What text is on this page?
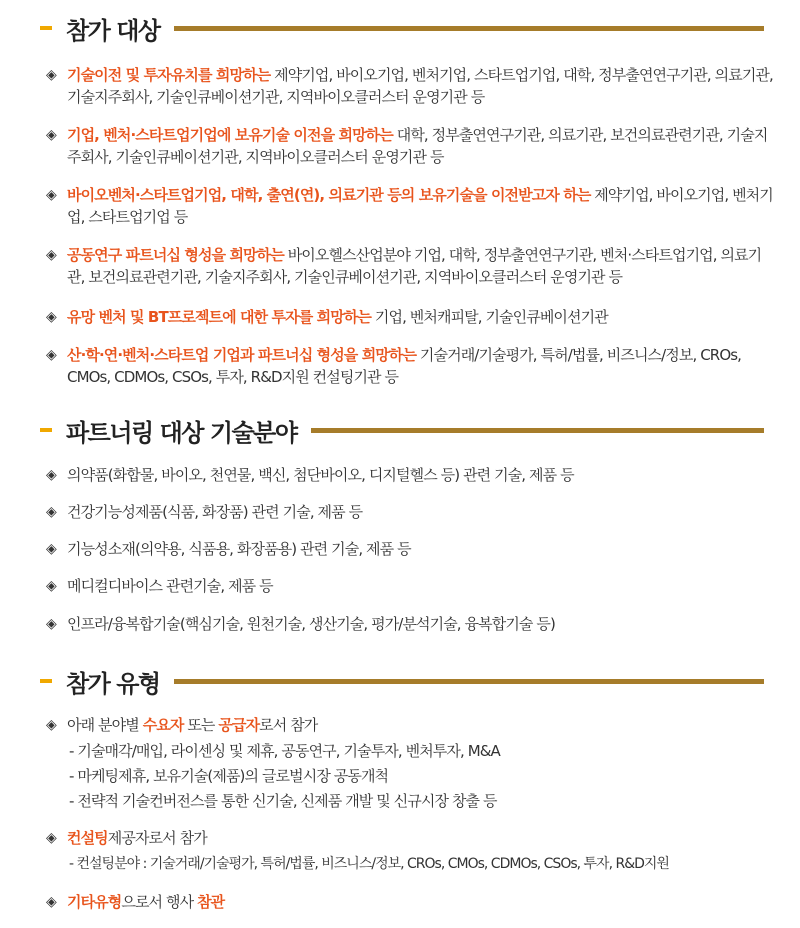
참가 대상
◈ 기술이전 및 투자유치를 희망하는 제약기업, 바이오기업, 벤처기업, 스타트업기업, 대학, 정부출연연구기관, 의료기관, 기술지주회사, 기술인큐베이션기관, 지역바이오클러스터 운영기관 등
◈ 기업, 벤처·스타트업기업에 보유기술 이전을 희망하는 대학, 정부출연연구기관, 의료기관, 보건의료관련기관, 기술지주회사, 기술인큐베이션기관, 지역바이오클러스터 운영기관 등
◈ 바이오벤처·스타트업기업, 대학, 출연(연), 의료기관 등의 보유기술을 이전받고자 하는 제약기업, 바이오기업, 벤처기업, 스타트업기업 등
◈ 공동연구 파트너십 형성을 희망하는 바이오헬스산업분야 기업, 대학, 정부출연연구기관, 벤처·스타트업기업, 의료기관, 보건의료관련기관, 기술지주회사, 기술인큐베이션기관, 지역바이오클러스터 운영기관 등
◈ 유망 벤처 및 BT프로젝트에 대한 투자를 희망하는 기업, 벤처캐피탈, 기술인큐베이션기관
◈ 산·학·연·벤처·스타트업 기업과 파트너십 형성을 희망하는 기술거래/기술평가, 특허/법률, 비즈니스/정보, CROs, CMOs, CDMOs, CSOs, 투자, R&D지원 컨설팅기관 등
파트너링 대상 기술분야
◈ 의약품(화합물, 바이오, 천연물, 백신, 첨단바이오, 디지털헬스 등) 관련 기술, 제품 등
◈ 건강기능성제품(식품, 화장품) 관련 기술, 제품 등
◈ 기능성소재(의약용, 식품용, 화장품용) 관련 기술, 제품 등
◈ 메디컬디바이스 관련기술, 제품 등
◈ 인프라/융복합기술(핵심기술, 원천기술, 생산기술, 평가/분석기술, 융복합기술 등)
참가 유형
◈ 아래 분야별 수요자 또는 공급자로서 참가
- 기술매각/매입, 라이센싱 및 제휴, 공동연구, 기술투자, 벤처투자, M&A
- 마케팅제휴, 보유기술(제품)의 글로벌시장 공동개척
- 전략적 기술컨버전스를 통한 신기술, 신제품 개발 및 신규시장 창출 등
◈ 컨설팅제공자로서 참가
- 컨설팅분야 : 기술거래/기술평가, 특허/법률, 비즈니스/정보, CROs, CMOs, CDMOs, CSOs, 투자, R&D지원
◈ 기타유형으로서 행사 참관
